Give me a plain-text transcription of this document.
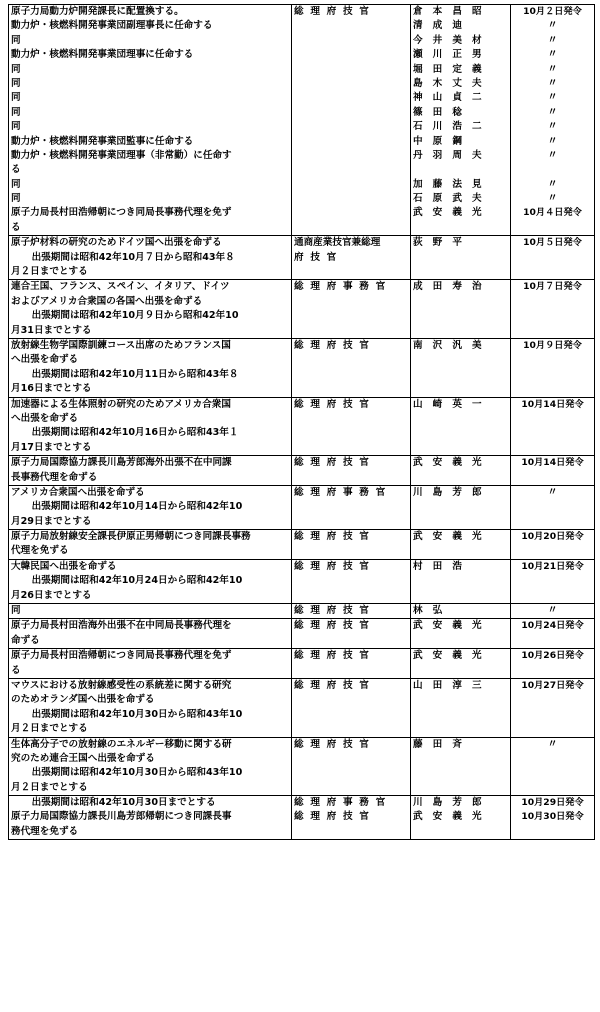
原子力局動力炉開発課長に配置換する。	総理府技官	倉本昌昭	10月２日発令

動力炉・核燃料開発事業団副理事長に任命する		清成迪	〃

同		今井美材	〃

動力炉・核燃料開発事業団理事に任命する		瀬川正男	〃

同		堀田定義	〃

同		島木丈夫	〃

同		神山貞二	〃

同		篠田稔	〃

同		石川浩二	〃

動力炉・核燃料開発事業団監事に任命する		中原鋼	〃

動力炉・核燃料開発事業団理事（非常勤）に任命す
る		丹羽周夫	〃

同		加藤法見	〃

同		石原武夫	〃

原子力局長村田浩帰朝につき同局長事務代理を免ず
る		武安義光	10月４日発令

原子炉材料の研究のためドイツ国へ出張を命ずる
　出張期間は昭和42年10月７日から昭和43年８
月２日までとする	通商産業技官兼総理
府技官	荻野平	10月５日発令

連合王国、フランス、スペイン、イタリア、ドイツ
およびアメリカ合衆国の各国へ出張を命ずる
　出張期間は昭和42年10月９日から昭和42年10
月31日までとする	総理府事務官	成田寿治	10月７日発令

放射線生物学国際訓練コース出席のためフランス国
へ出張を命ずる
　出張期間は昭和42年10月11日から昭和43年８
月16日までとする	総理府技官	南沢汎美	10月９日発令

加速器による生体照射の研究のためアメリカ合衆国
へ出張を命ずる
　出張期間は昭和42年10月16日から昭和43年１
月17日までとする	総理府技官	山崎英一	10月14日発令

原子力局国際協力課長川島芳郎海外出張不在中同課
長事務代理を命ずる	総理府技官	武安義光	10月14日発令

アメリカ合衆国へ出張を命ずる
　出張期間は昭和42年10月14日から昭和42年10
月29日までとする	総理府事務官	川島芳郎	〃

原子力局放射線安全課長伊原正男帰朝につき同課長事務
代理を免ずる	総理府技官	武安義光	10月20日発令

大韓民国へ出張を命ずる
　出張期間は昭和42年10月24日から昭和42年10
月26日までとする	総理府技官	村田浩	10月21日発令

同	総理府技官	林弘	〃

原子力局長村田浩海外出張不在中同局長事務代理を
命ずる	総理府技官	武安義光	10月24日発令

原子力局長村田浩帰朝につき同局長事務代理を免ず
る	総理府技官	武安義光	10月26日発令

マウスにおける放射線感受性の系統差に関する研究
のためオランダ国へ出張を命ずる
　出張期間は昭和42年10月30日から昭和43年10
月２日までとする	総理府技官	山田淳三	10月27日発令

生体高分子での放射線のエネルギー移動に関する研
究のため連合王国へ出張を命ずる
　出張期間は昭和42年10月30日から昭和43年10
月２日までとする	総理府技官	藤田斉	〃

　出張期間は昭和42年10月30日までとする	総理府事務官	川島芳郎	10月29日発令

原子力局国際協力課長川島芳郎帰朝につき同課長事
務代理を免ずる	総理府技官	武安義光	10月30日発令
